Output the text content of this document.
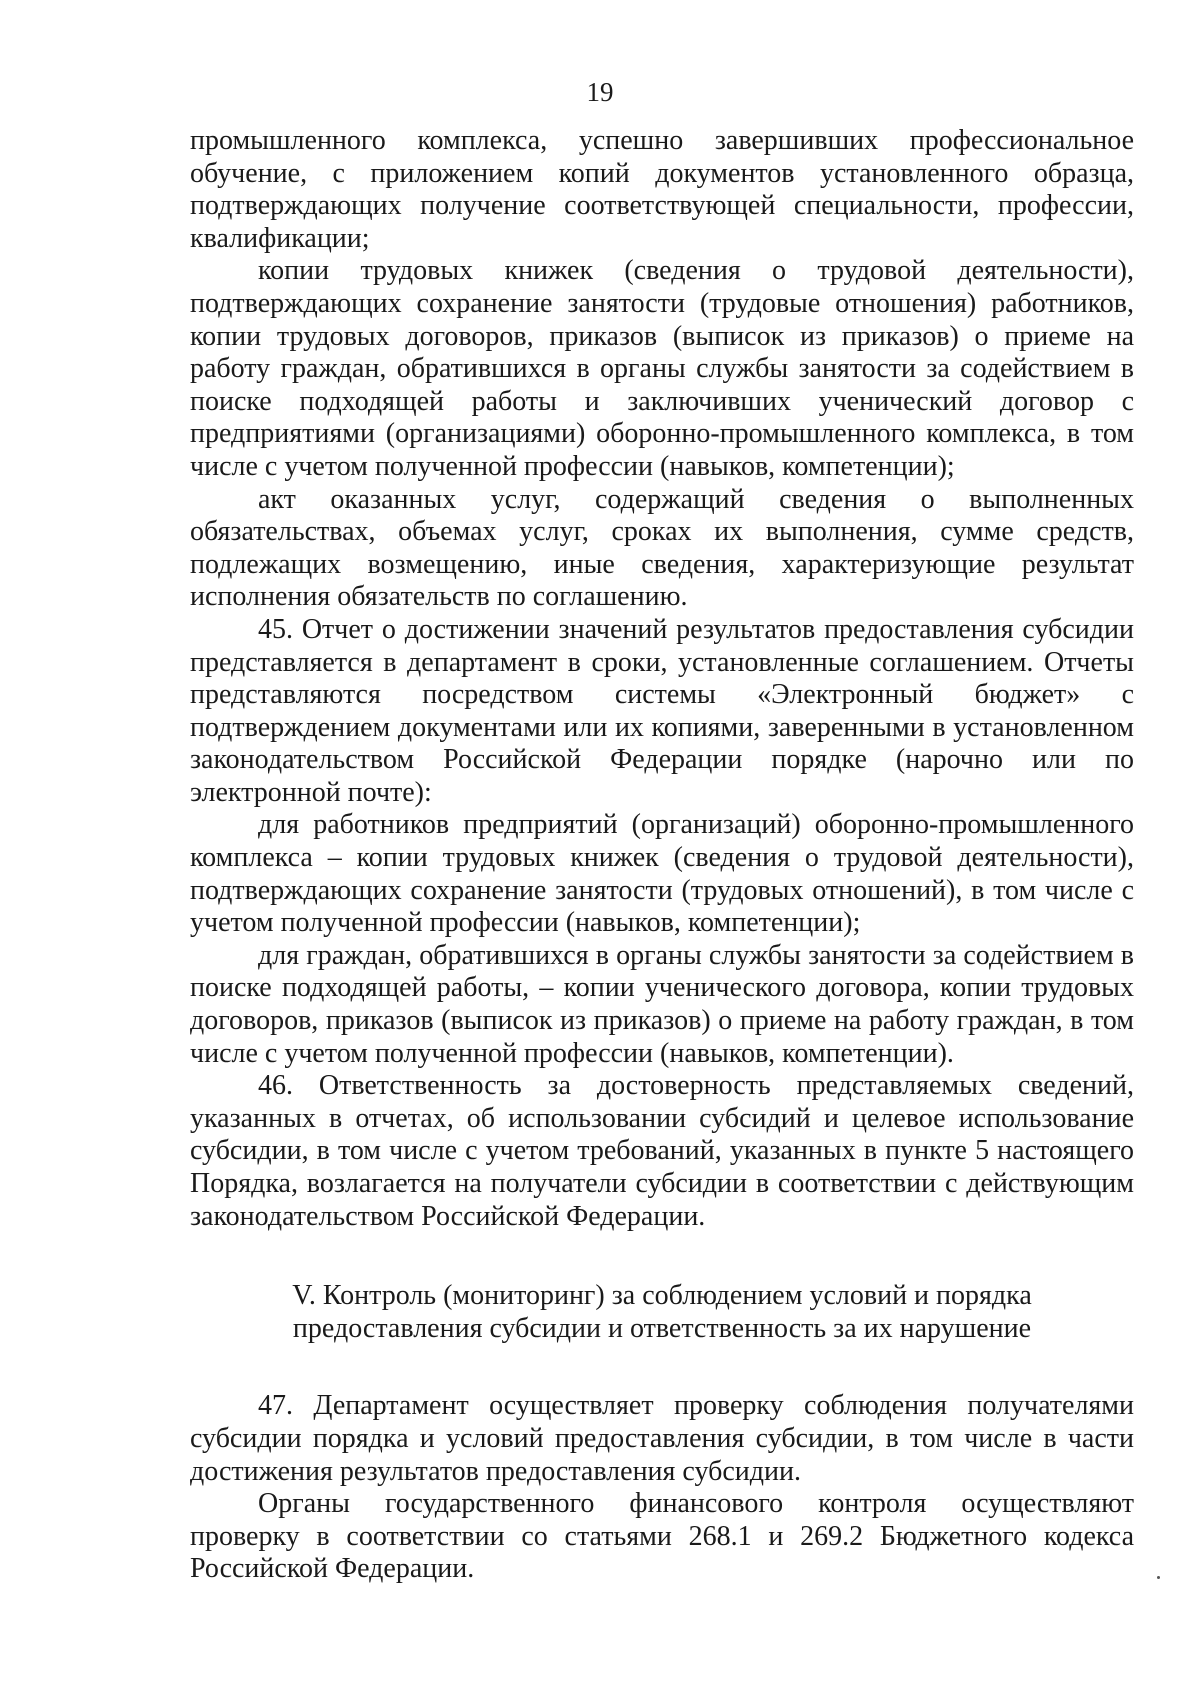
19

промышленного комплекса, успешно завершивших профессиональное обучение, с приложением копий документов установленного образца, подтверждающих получение соответствующей специальности, профессии, квалификации;

копии трудовых книжек (сведения о трудовой деятельности), подтверждающих сохранение занятости (трудовые отношения) работников, копии трудовых договоров, приказов (выписок из приказов) о приеме на работу граждан, обратившихся в органы службы занятости за содействием в поиске подходящей работы и заключивших ученический договор с предприятиями (организациями) оборонно-промышленного комплекса, в том числе с учетом полученной профессии (навыков, компетенции);

акт оказанных услуг, содержащий сведения о выполненных обязательствах, объемах услуг, сроках их выполнения, сумме средств, подлежащих возмещению, иные сведения, характеризующие результат исполнения обязательств по соглашению.

45. Отчет о достижении значений результатов предоставления субсидии представляется в департамент в сроки, установленные соглашением. Отчеты представляются посредством системы «Электронный бюджет» с подтверждением документами или их копиями, заверенными в установленном законодательством Российской Федерации порядке (нарочно или по электронной почте):

для работников предприятий (организаций) оборонно-промышленного комплекса – копии трудовых книжек (сведения о трудовой деятельности), подтверждающих сохранение занятости (трудовых отношений), в том числе с учетом полученной профессии (навыков, компетенции);

для граждан, обратившихся в органы службы занятости за содействием в поиске подходящей работы, – копии ученического договора, копии трудовых договоров, приказов (выписок из приказов) о приеме на работу граждан, в том числе с учетом полученной профессии (навыков, компетенции).

46. Ответственность за достоверность представляемых сведений, указанных в отчетах, об использовании субсидий и целевое использование субсидии, в том числе с учетом требований, указанных в пункте 5 настоящего Порядка, возлагается на получатели субсидии в соответствии с действующим законодательством Российской Федерации.

V. Контроль (мониторинг) за соблюдением условий и порядка
предоставления субсидии и ответственность за их нарушение

47. Департамент осуществляет проверку соблюдения получателями субсидии порядка и условий предоставления субсидии, в том числе в части достижения результатов предоставления субсидии.

Органы государственного финансового контроля осуществляют проверку в соответствии со статьями 268.1 и 269.2 Бюджетного кодекса Российской Федерации.
